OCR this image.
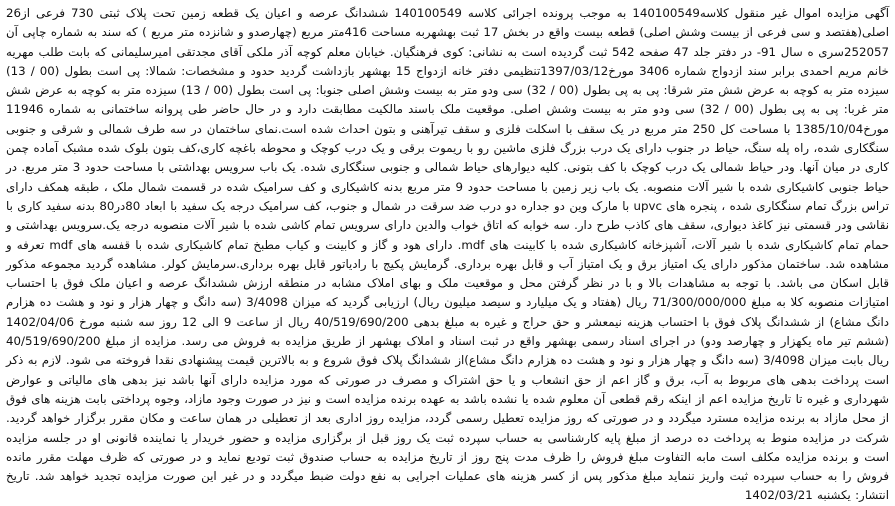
آگهی مزایده اموال غیر منقول کلاسه140100549 به موجب پرونده اجرائی کلاسه 140100549 ششدانگ عرصه و اعیان یک قطعه زمین تحت پلاک ثبتی 730 فرعی از26 اصلی(هفتصد و سی فرعی از بیست وشش اصلی) قطعه بیست واقع در بخش 17 ثبت بهشهربه مساحت 416متر مربع (چهارصدو و شانزده متر مربع ) که سند به شماره چاپی آن 252057سری ه سال 91- در دفتر جلد 47 صفحه 542 ثبت گردیده است به نشانی: کوی فرهنگیان. خیابان معلم کوچه آذر ملکی آقای مجدتقی امیرسلیمانی که بابت طلب مهریه خانم مریم احمدی برابر سند ازدواج شماره 3406 مورخ1397/03/12تنظیمی دفتر خانه ازدواج 15 بهشهر بازداشت گردید حدود و مشخصات: شمالا: پی است بطول (00 / 13) سیزده متر به کوچه به عرض شش متر شرقا: پی به پی بطول (00 / 32) سی ودو متر به بیست وشش اصلی جنوبا: پی است بطول (00 / 13) سیزده متر به کوچه به عرض شش متر غربا: پی به پی بطول (00 / 32) سی ودو متر به بیست وشش اصلی. موقعیت ملک باسند مالکیت مطابقت دارد و در حال حاضر طی پروانه ساختمانی به شماره 11946 مورخ1385/10/04 با مساحت کل 250 متر مربع در یک سقف با اسکلت فلزی و سقف تیرآهنی و بتون احداث شده است.نمای ساختمان در سه طرف شمالی و شرقی و جنوبی سنگکاری شده، راه پله سنگ، حیاط در جنوب دارای یک درب بزرگ فلزی ماشین رو با ریموت برقی و یک درب کوچک و محوطه باغچه کاری،کف بتون بلوک شده مشبک آماده چمن کاری در میان آنها. ودر حیاط شمالی یک درب کوچک با کف بتونی. کلیه دیوارهای حیاط شمالی و جنوبی سنگکاری شده. یک باب سرویس بهداشتی با مساحت حدود 3 متر مربع. در حیاط جنوبی کاشیکاری شده با شیر آلات منصوبه. یک باب زیر زمین با مساحت حدود 9 متر مربع بدنه کاشیکاری و کف سرامیک شده در قسمت شمال ملک ، طبقه همکف دارای تراس بزرگ تمام سنگکاری شده ، پنجره های upvc با مارک وین دو جداره دو درب ضد سرقت در شمال و جنوب، کف سرامیک درجه یک سفید با ابعاد 80در80 بدنه سفید کاری با نقاشی ودر قسمتی نیز کاغذ دیواری، سقف های کاذب طرح دار. سه خوابه که اتاق خواب والدین دارای سرویس تمام کاشی شده با شیر آلات منصوبه درجه یک.سرویس بهداشتی و حمام تمام کاشیکاری شده با شیر آلات، آشپزخانه کاشیکاری شده با کابینت های mdf. دارای هود و گاز و کابینت و کیاب مطبخ تمام کاشیکاری شده با قفسه های mdf تعرفه و مشاهده شد. ساختمان مذکور دارای یک امتیاز برق و یک امتیاز آب و قابل بهره برداری. گرمایش پکیج با رادیاتور قابل بهره برداری.سرمایش کولر. مشاهده گردید مجموعه مذکور قابل اسکان می باشد. با توجه به مشاهدات بالا و با در نظر گرفتن محل و موقعیت ملک و بهای املاک مشابه در منطقه ارزش ششدانگ عرصه و اعیان ملک فوق با احتساب امتیازات منصوبه کلا به مبلغ 71/300/000/000 ریال (هفتاد و یک میلیارد و سیصد میلیون ریال) ارزیابی گردید که میزان 3/4098 (سه دانگ و چهار هزار و نود و هشت ده هزارم دانگ مشاع) از ششدانگ پلاک فوق با احتساب هزینه نیمعشر و حق حراج و غیره به مبلغ بدهی 40/519/690/200 ریال از ساعت 9 الی 12 روز سه شنبه مورخ 1402/04/06 (ششم تیر ماه یکهزار و چهارصد ودو) در اجرای اسناد رسمی بهشهر واقع در ثبت اسناد و املاک بهشهر از طریق مزایده به فروش می رسد. مزایده از مبلغ 40/519/690/200 ریال بابت میزان 3/4098 (سه دانگ و چهار هزار و نود و هشت ده هزارم دانگ مشاع)از ششدانگ پلاک فوق شروع و به بالاترین قیمت پیشنهادی نقدا فروخته می شود. لازم به ذکر است پرداخت بدهی های مربوط به آب، برق و گاز اعم از حق انشعاب و یا حق اشتراک و مصرف در صورتی که مورد مزایده دارای آنها باشد نیز بدهی های مالیاتی و عوارض شهرداری و غیره تا تاریخ مزایده اعم از اینکه رقم قطعی آن معلوم شده یا نشده باشد به عهده برنده مزایده است و نیز در صورت وجود مازاد، وجوه پرداختی بابت هزینه های فوق از محل مازاد به برنده مزایده مسترد میگردد و در صورتی که روز مزایده تعطیل رسمی گردد، مزایده روز اداری بعد از تعطیلی در همان ساعت و مکان مقرر برگزار خواهد گردید. شرکت در مزایده منوط به پرداخت ده درصد از مبلغ پایه کارشناسی به حساب سپرده ثبت یک روز قبل از برگزاری مزایده و حضور خریدار یا نماینده قانونی او در جلسه مزایده است و برنده مزایده مکلف است مابه التفاوت مبلغ فروش را ظرف مدت پنج روز از تاریخ مزایده به حساب صندوق ثبت تودیع نماید و در صورتی که ظرف مهلت مقرر مانده فروش را به حساب سپرده ثبت واریز ننماید مبلغ مذکور پس از کسر هزینه های عملیات اجرایی به نفع دولت ضبط میگردد و در غیر این صورت مزایده تجدید خواهد شد. تاریخ انتشار: یکشنبه 1402/03/21
